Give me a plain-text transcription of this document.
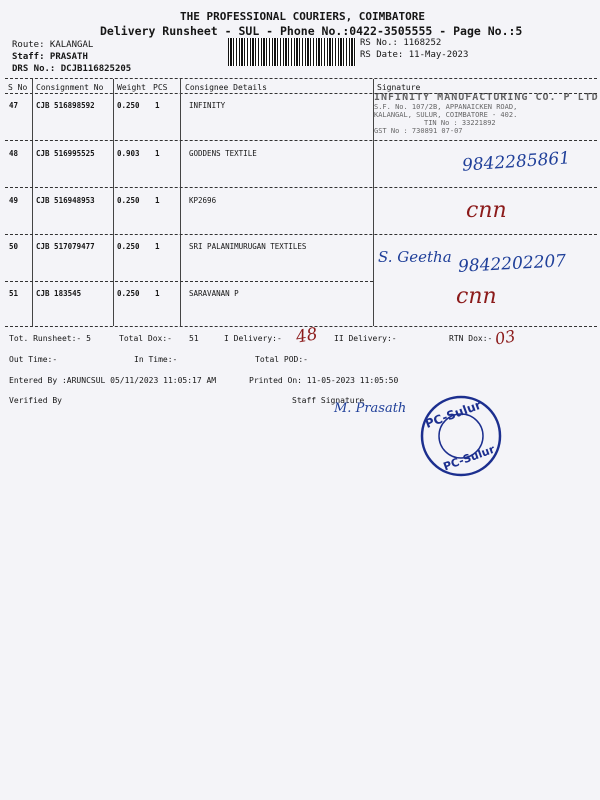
THE PROFESSIONAL COURIERS, COIMBATORE
Delivery Runsheet - SUL - Phone No.:0422-3505555 - Page No.:5
Route: KALANGAL
Staff: PRASATH
DRS No.: DCJB116825205
RS No.: 1168252
RS Date: 11-May-2023
S No Consignment No Weight PCS Consignee Details	Signature
47 CJB 516898592	0.250 1	INFINITY
INFINITY MANUFACTURING CO. P LTD
S.F. No. 107/2B, APPANAICKEN ROAD,
KALANGAL, SULUR, COIMBATORE - 402.
TIN No : 33221892
GST No : 730891 07-07
48 CJB 516995525	0.903 1	GODDENS TEXTILE	9842285861
49 CJB 516948953	0.250 1	KP2696	cnn
50 CJB 517079477	0.250 1	SRI PALANIMURUGAN TEXTILES
S. Geetha 9842202207
cnn
51 CJB 183545	0.250 1	SARAVANAN P
Tot. Runsheet:- 5	Total Dox:- 51	I Delivery:- 48 II Delivery:-	RTN Dox:- 03
Out Time:-	In Time:-	Total POD:-
Entered By :ARUNCSUL 05/11/2023 11:05:17 AM	Printed On: 11-05-2023 11:05:50
Verified By	Staff Signature
M. Prasath PC-Sulur
PC-Sulur
